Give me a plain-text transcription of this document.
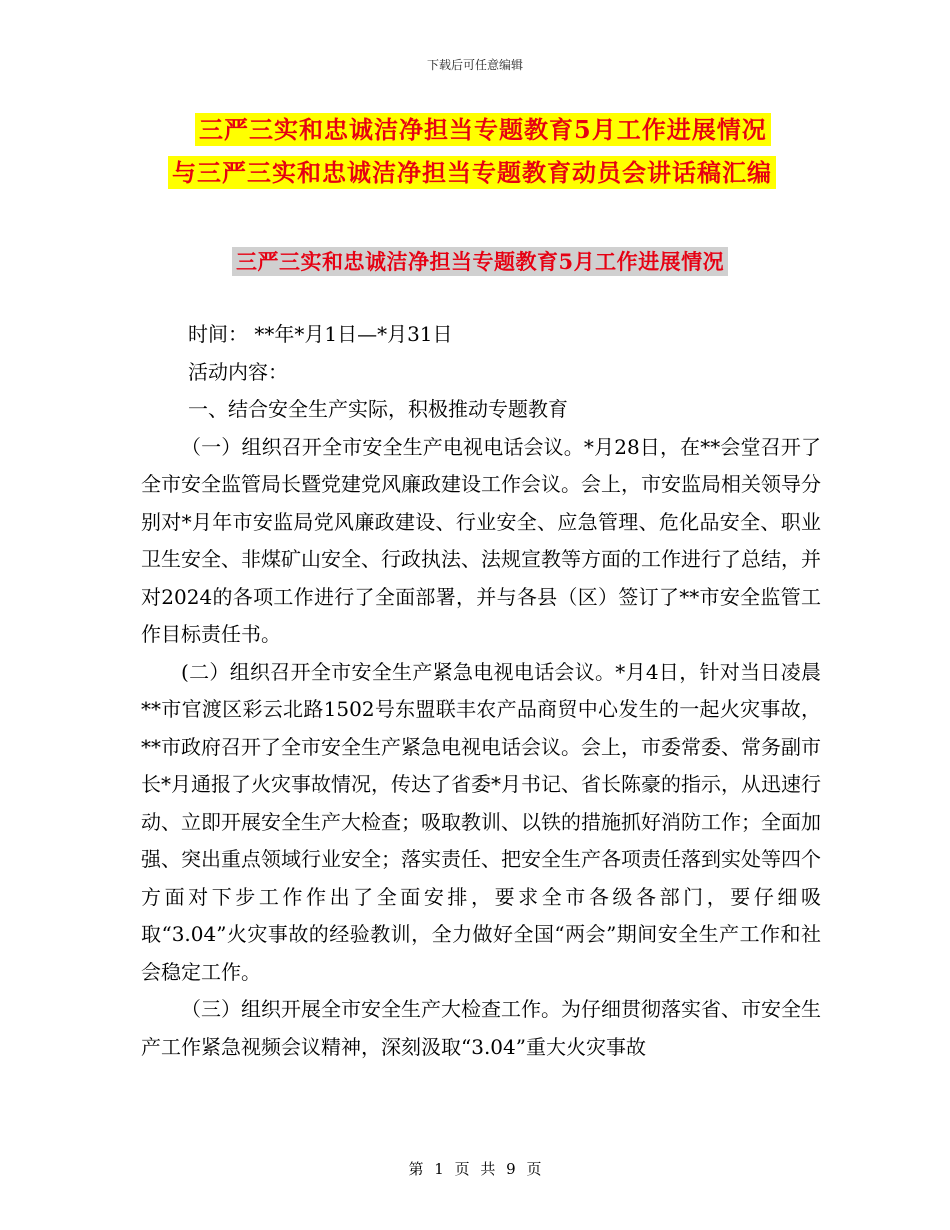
下载后可任意编辑
三严三实和忠诚洁净担当专题教育5月工作进展情况
与三严三实和忠诚洁净担当专题教育动员会讲话稿汇编
三严三实和忠诚洁净担当专题教育5月工作进展情况

时间： **年*月1日—*月31日

活动内容：

一、结合安全生产实际，积极推动专题教育

（一）组织召开全市安全生产电视电话会议。*月28日，在**会堂召开了全市安全监管局长暨党建党风廉政建设工作会议。会上，市安监局相关领导分别对*月年市安监局党风廉政建设、行业安全、应急管理、危化品安全、职业卫生安全、非煤矿山安全、行政执法、法规宣教等方面的工作进行了总结，并对2024的各项工作进行了全面部署，并与各县（区）签订了**市安全监管工作目标责任书。

(二）组织召开全市安全生产紧急电视电话会议。*月4日，针对当日凌晨**市官渡区彩云北路1502号东盟联丰农产品商贸中心发生的一起火灾事故，**市政府召开了全市安全生产紧急电视电话会议。会上，市委常委、常务副市长*月通报了火灾事故情况，传达了省委*月书记、省长陈豪的指示，从迅速行动、立即开展安全生产大检查；吸取教训、以铁的措施抓好消防工作；全面加强、突出重点领域行业安全；落实责任、把安全生产各项责任落到实处等四个方面对下步工作作出了全面安排，要求全市各级各部门，要仔细吸取“3.04”火灾事故的经验教训，全力做好全国“两会”期间安全生产工作和社会稳定工作。

（三）组织开展全市安全生产大检查工作。为仔细贯彻落实省、市安全生产工作紧急视频会议精神，深刻汲取“3.04”重大火灾事故

第 1 页 共 9 页
